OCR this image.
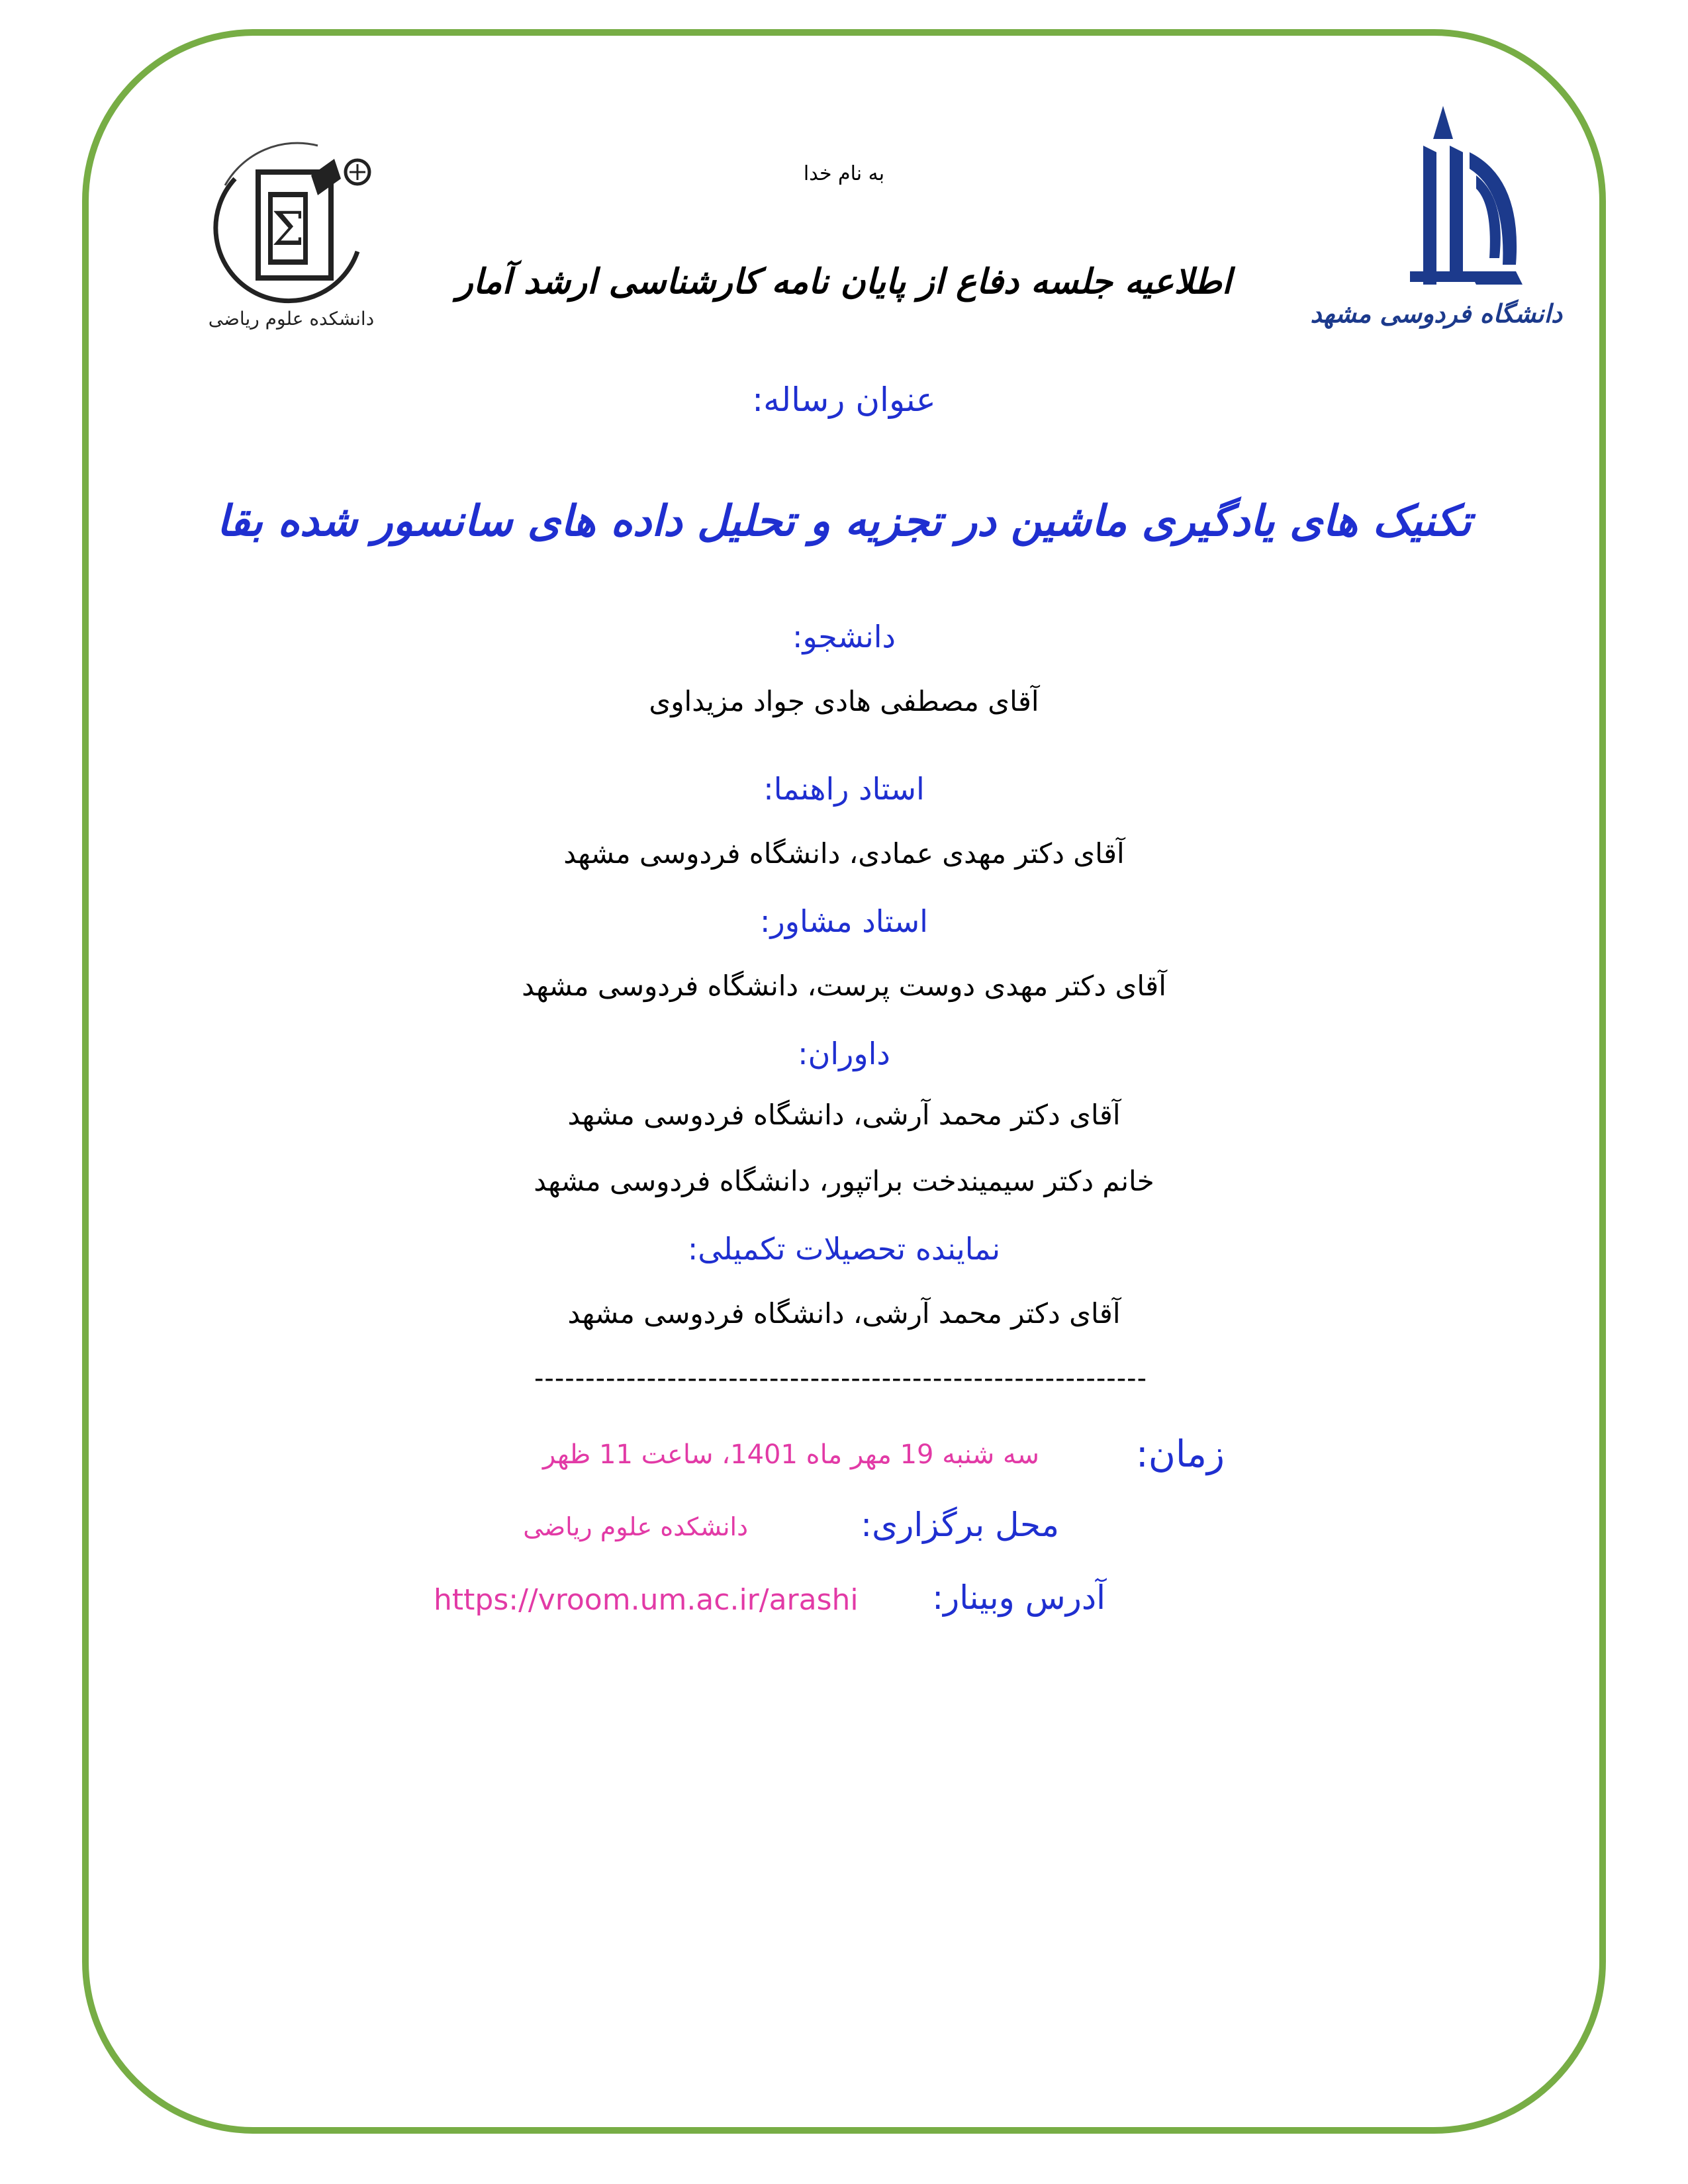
Σ
دانشکده علوم ریاضی	دانشگاه فردوسی مشهد
به نام خدا
اطلاعیه جلسه دفاع از پایان نامه کارشناسی ارشد آمار
عنوان رساله:
تکنیک های یادگیری ماشین در تجزیه و تحلیل داده های سانسور شده بقا
دانشجو:
آقای مصطفی هادی جواد مزیداوی
استاد راهنما:
آقای دکتر مهدی عمادی، دانشگاه فردوسی مشهد
استاد مشاور:
آقای دکتر مهدی دوست پرست، دانشگاه فردوسی مشهد
داوران:
آقای دکتر محمد آرشی، دانشگاه فردوسی مشهد
خانم دکتر سیمیندخت براتپور، دانشگاه فردوسی مشهد
نماینده تحصیلات تکمیلی:
آقای دکتر محمد آرشی، دانشگاه فردوسی مشهد
------------------------------------------------------------
زمان:
سه شنبه 19 مهر ماه 1401، ساعت 11 ظهر
محل برگزاری:
دانشکده علوم ریاضی
آدرس وبینار:
https://vroom.um.ac.ir/arashi
